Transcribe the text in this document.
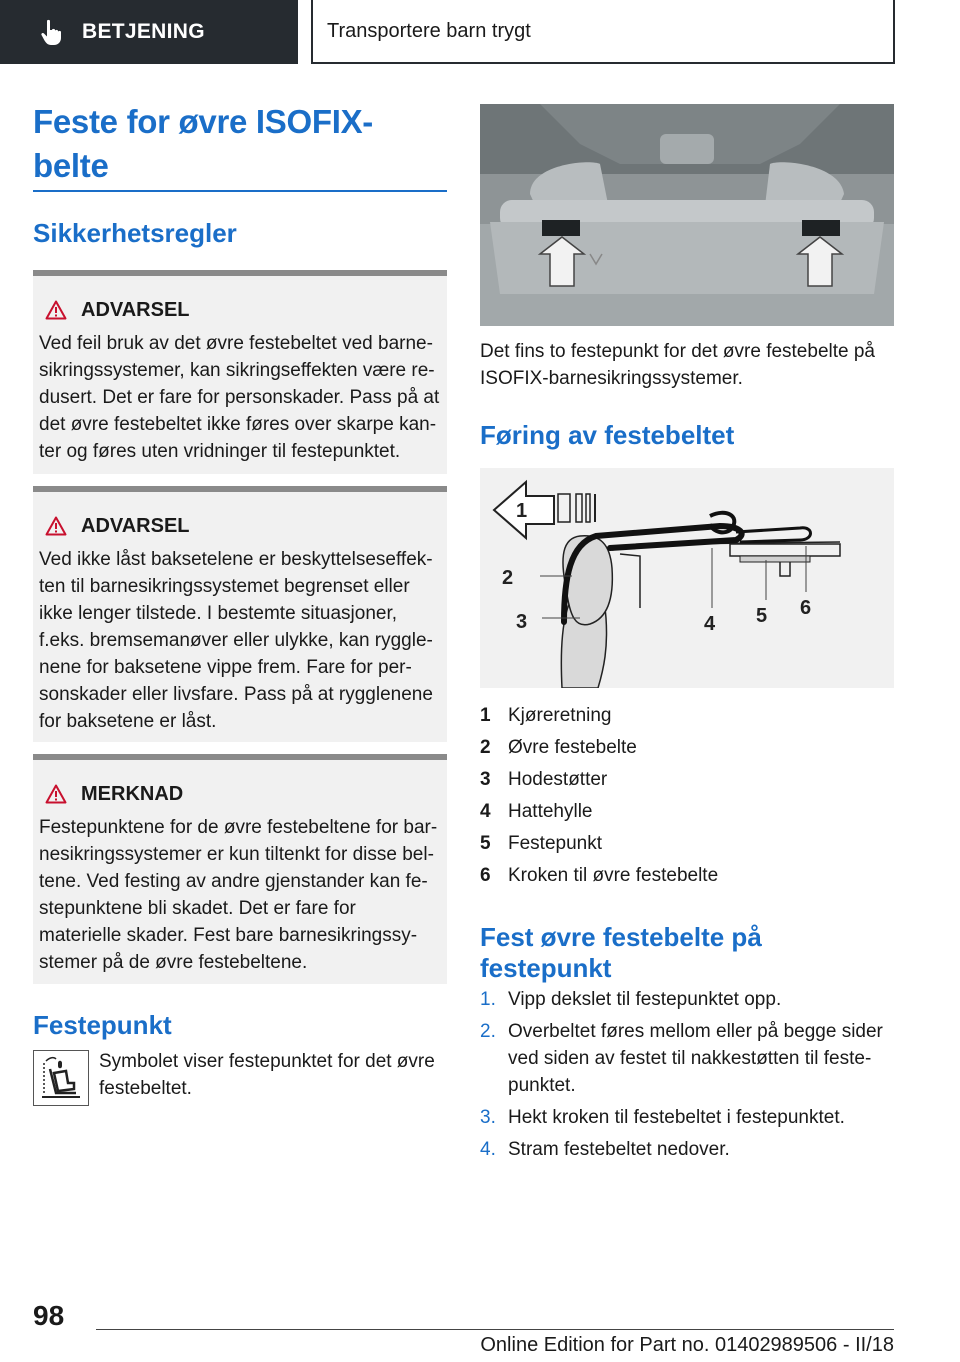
BETJENING	Transportere barn trygt
Feste for øvre ISOFIX-belte
Sikkerhetsregler
ADVARSEL
Ved feil bruk av det øvre festebeltet ved barne-
sikringssystemer, kan sikringseffekten være re-
dusert. Det er fare for personskader. Pass på at
det øvre festebeltet ikke føres over skarpe kan-
ter og føres uten vridninger til festepunktet.
ADVARSEL
Ved ikke låst baksetelene er beskyttelseseffek-
ten til barnesikringssystemet begrenset eller
ikke lenger tilstede. I bestemte situasjoner,
f.eks. bremsemanøver eller ulykke, kan ryggle-
nene for baksetene vippe frem. Fare for per-
sonskader eller livsfare. Pass på at rygglenene
for baksetene er låst.
MERKNAD
Festepunktene for de øvre festebeltene for bar-
nesikringssystemer er kun tiltenkt for disse bel-
tene. Ved festing av andre gjenstander kan fe-
stepunktene bli skadet. Det er fare for
materielle skader. Fest bare barnesikringssy-
stemer på de øvre festebeltene.
Festepunkt
Symbolet viser festepunktet for det øvre
festebeltet.
Det fins to festepunkt for det øvre festebelte på
ISOFIX-barnesikringssystemer.
Føring av festebeltet
1
2
3	4 5 6
1 Kjøreretning
2 Øvre festebelte
3 Hodestøtter
4 Hattehylle
5 Festepunkt
6 Kroken til øvre festebelte
Fest øvre festebelte på
festepunkt
1. Vipp dekslet til festepunktet opp.
2. Overbeltet føres mellom eller på begge sider
ved siden av festet til nakkestøtten til feste-
punktet.
3. Hekt kroken til festebeltet i festepunktet.
4. Stram festebeltet nedover.
98
Online Edition for Part no. 01402989506 - II/18
